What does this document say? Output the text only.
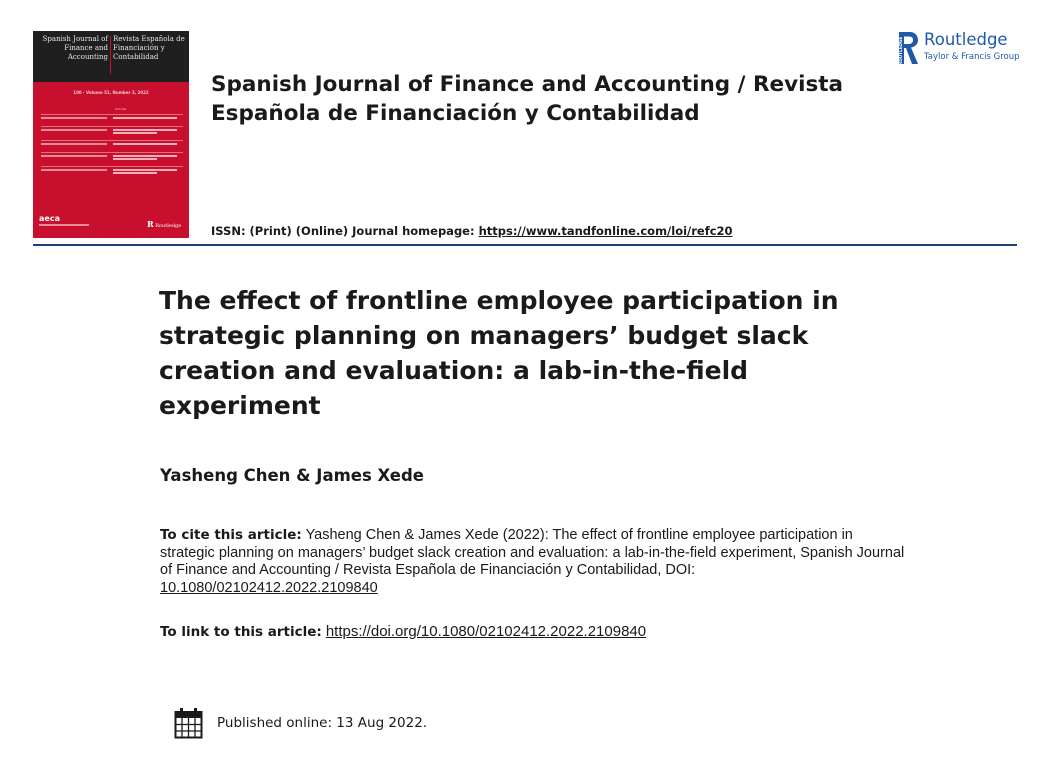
Spanish Journal of Finance and Accounting
Revista Española de Financiación y Contabilidad
100 · Volume 51, Number 3, 2022
Articles
aeca
R Routledge
Spanish Journal of Finance and Accounting / Revista Española de Financiación y Contabilidad
ISSN: (Print) (Online) Journal homepage: https://www.tandfonline.com/loi/refc20
ROUTLEDGE Routledge
Taylor & Francis Group
The effect of frontline employee participation in strategic planning on managers’ budget slack creation and evaluation: a lab-in-the-field experiment
Yasheng Chen & James Xede

To cite this article: Yasheng Chen & James Xede (2022): The effect of frontline employee participation in strategic planning on managers’ budget slack creation and evaluation: a lab-in-the-field experiment, Spanish Journal of Finance and Accounting / Revista Española de Financiación y Contabilidad, DOI: 10.1080/02102412.2022.2109840

To link to this article: https://doi.org/10.1080/02102412.2022.2109840
Published online: 13 Aug 2022.
